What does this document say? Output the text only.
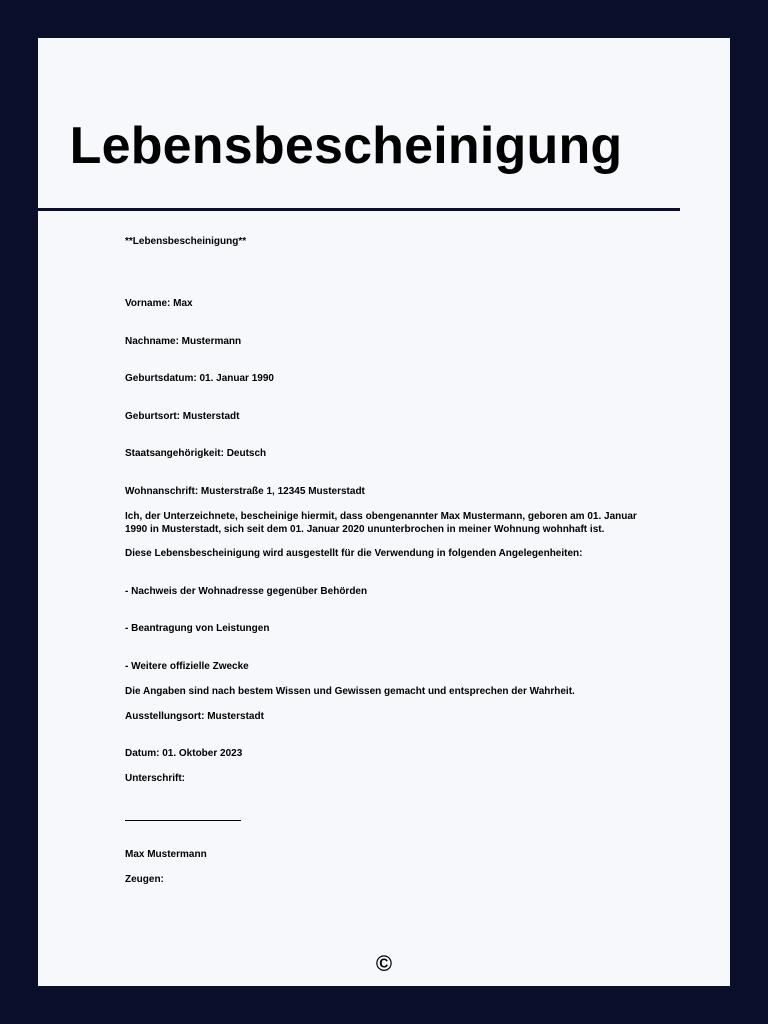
Lebensbescheinigung
**Lebensbescheinigung**
Vorname: Max
Nachname: Mustermann
Geburtsdatum: 01. Januar 1990
Geburtsort: Musterstadt
Staatsangehörigkeit: Deutsch
Wohnanschrift: Musterstraße 1, 12345 Musterstadt
Ich, der Unterzeichnete, bescheinige hiermit, dass obengenannter Max Mustermann, geboren am 01. Januar 1990 in Musterstadt, sich seit dem 01. Januar 2020 ununterbrochen in meiner Wohnung wohnhaft ist.
Diese Lebensbescheinigung wird ausgestellt für die Verwendung in folgenden Angelegenheiten:
- Nachweis der Wohnadresse gegenüber Behörden
- Beantragung von Leistungen
- Weitere offizielle Zwecke
Die Angaben sind nach bestem Wissen und Gewissen gemacht und entsprechen der Wahrheit.
Ausstellungsort: Musterstadt
Datum: 01. Oktober 2023
Unterschrift:
Max Mustermann
Zeugen:
©
